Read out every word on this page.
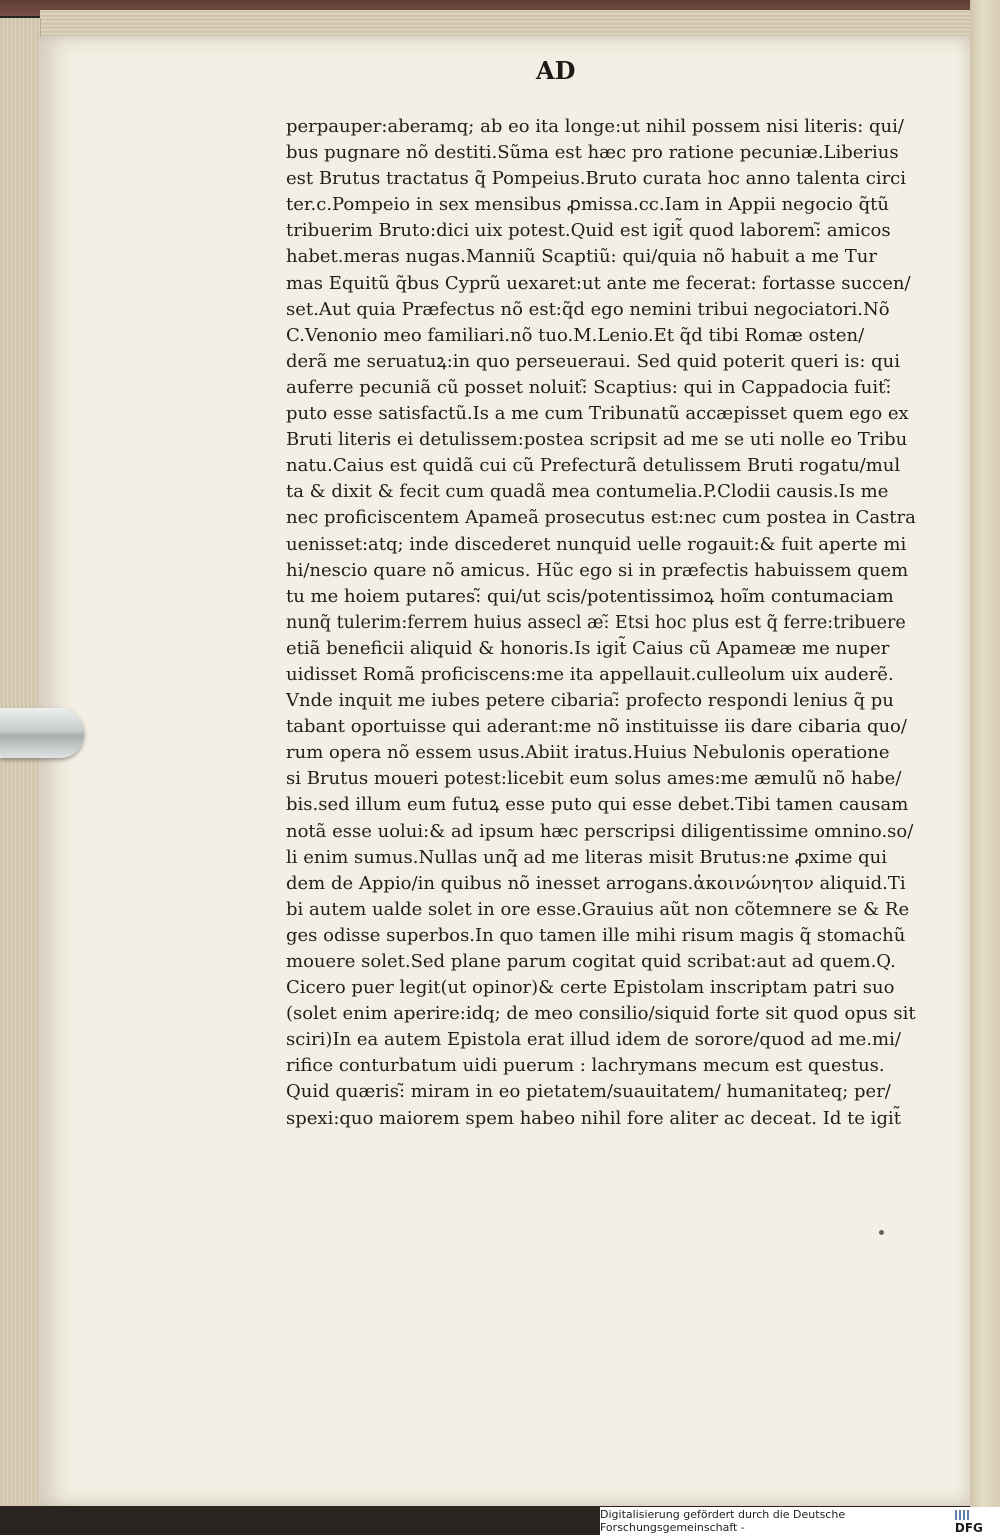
AD
perpauper:aberamq; ab eo ita longe:ut nihil possem nisi literis: qui/
bus pugnare nõ destiti.Sũma est hæc pro ratione pecuniæ.Liberius
est Brutus tractatus q̃ Pompeius.Bruto curata hoc anno talenta circi
ter.c.Pompeio in sex mensibus ꝓmissa.cc.Iam in Appii negocio q̃tũ
tribuerim Bruto:dici uix potest.Quid est igit̃ quod laborem:̃ amicos
habet.meras nugas.Manniũ Scaptiũ: qui/quia nõ habuit a me Tur
mas Equitũ q̃bus Cyprũ uexaret:ut ante me fecerat: fortasse succen/
set.Aut quia Præfectus nõ est:q̃d ego nemini tribui negociatori.Nõ
C.Venonio meo familiari.nõ tuo.M.Lenio.Et q̃d tibi Romæ osten/
derã me seruatuꝝ:in quo perseueraui. Sed quid poterit queri is: qui
auferre pecuniã cũ posset noluit:̃ Scaptius: qui in Cappadocia fuit:̃
puto esse satisfactũ.Is a me cum Tribunatũ accæpisset quem ego ex
Bruti literis ei detulissem:postea scripsit ad me se uti nolle eo Tribu
natu.Caius est quidã cui cũ Prefecturã detulissem Bruti rogatu/mul
ta & dixit & fecit cum quadã mea contumelia.P.Clodii causis.Is me
nec proficiscentem Apameã prosecutus est:nec cum postea in Castra
uenisset:atq; inde discederet nunquid uelle rogauit:& fuit aperte mi
hi/nescio quare nõ amicus. Hũc ego si in præfectis habuissem quem
tu me hoiem putares:̃ qui/ut scis/potentissimoꝝ hoĩm contumaciam
nunq̃ tulerim:ferrem huius assecl æ:̃ Etsi hoc plus est q̃ ferre:tribuere
etiã beneficii aliquid & honoris.Is igit̃ Caius cũ Apameæ me nuper
uidisset Romã proficiscens:me ita appellauit.culleolum uix auderẽ.
Vnde inquit me iubes petere cibaria:̃ profecto respondi lenius q̃ pu
tabant oportuisse qui aderant:me nõ instituisse iis dare cibaria quo/
rum opera nõ essem usus.Abiit iratus.Huius Nebulonis operatione
si Brutus moueri potest:licebit eum solus ames:me æmulũ nõ habe/
bis.sed illum eum futuꝝ esse puto qui esse debet.Tibi tamen causam
notã esse uolui:& ad ipsum hæc perscripsi diligentissime omnino.so/
li enim sumus.Nullas unq̃ ad me literas misit Brutus:ne ꝓxime qui
dem de Appio/in quibus nõ inesset arrogans.ἀκοινώνητον aliquid.Ti
bi autem ualde solet in ore esse.Grauius aũt non cõtemnere se & Re
ges odisse superbos.In quo tamen ille mihi risum magis q̃ stomachũ
mouere solet.Sed plane parum cogitat quid scribat:aut ad quem.Q.
Cicero puer legit(ut opinor)& certe Epistolam inscriptam patri suo
(solet enim aperire:idq; de meo consilio/siquid forte sit quod opus sit
sciri)In ea autem Epistola erat illud idem de sorore/quod ad me.mi/
rifice conturbatum uidi puerum : lachrymans mecum est questus.
Quid quæris:̃ miram in eo pietatem/suauitatem/ humanitateq; per/
spexi:quo maiorem spem habeo nihil fore aliter ac deceat. Id te igit̃
Digitalisierung gefördert durch die Deutsche Forschungsgemeinschaft -	DFG
